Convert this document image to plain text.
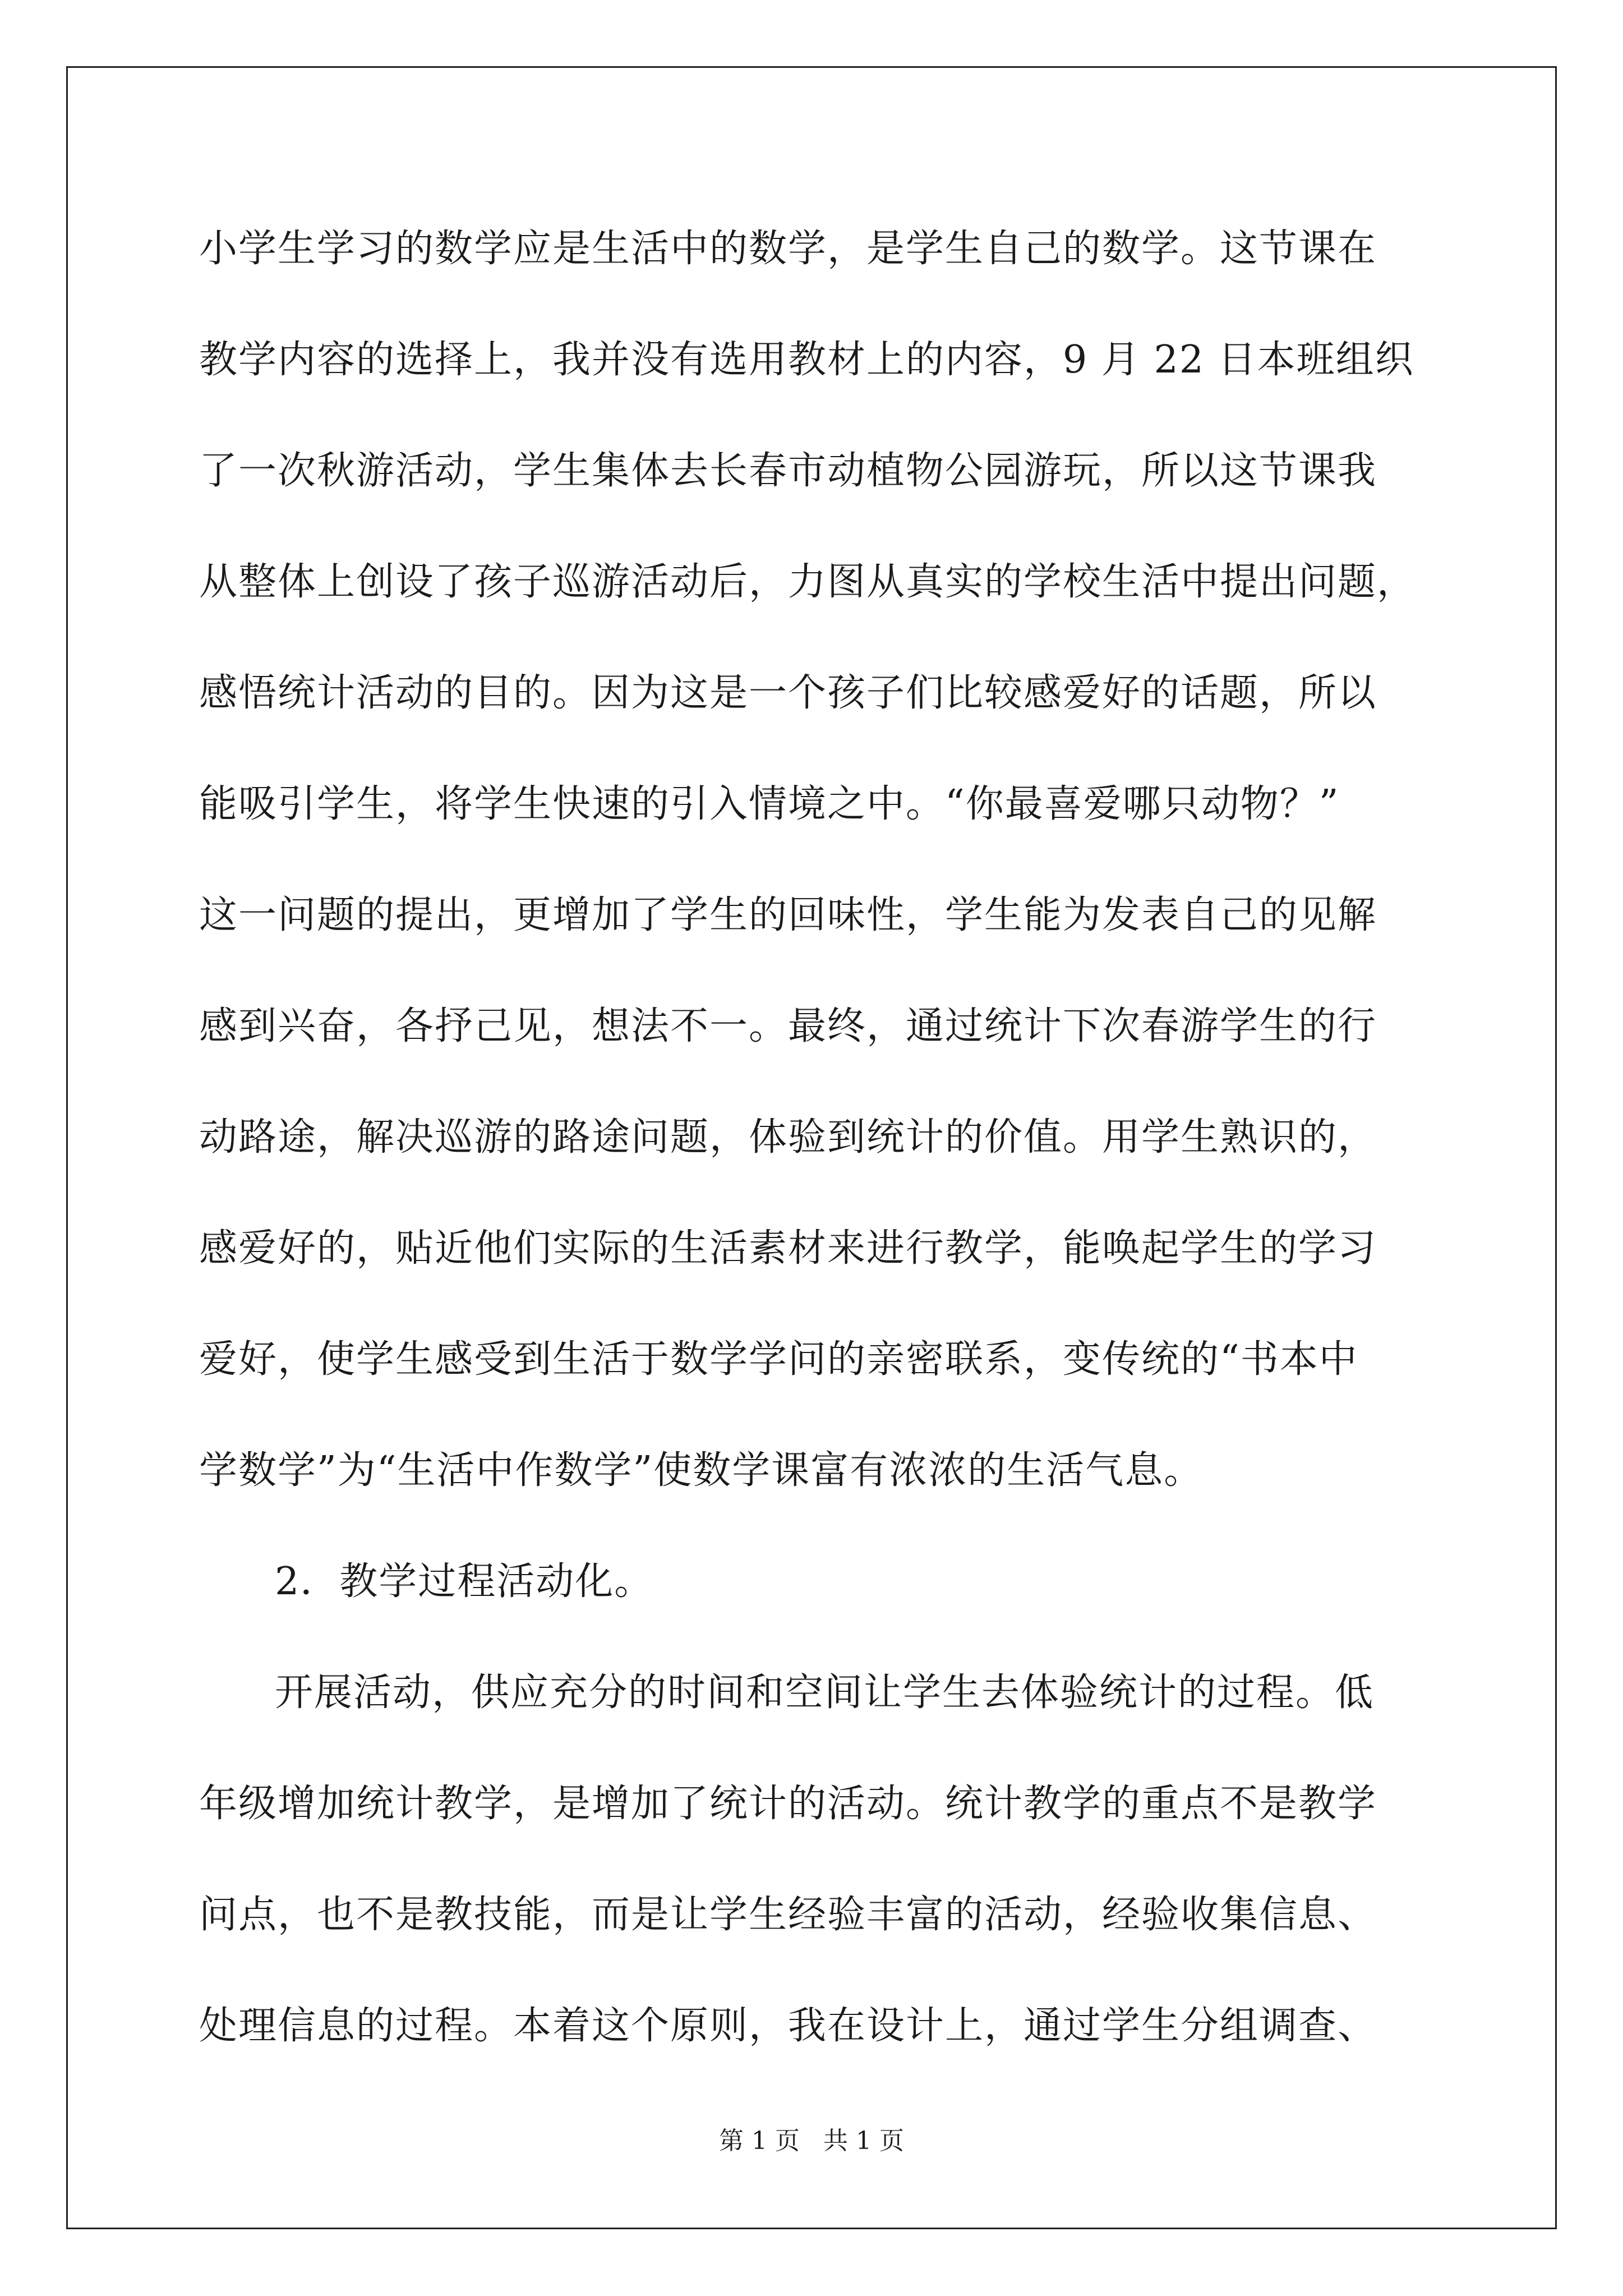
小学生学习的数学应是生活中的数学，是学生自己的数学。这节课在
教学内容的选择上，我并没有选用教材上的内容，9 月 22 日本班组织
了一次秋游活动，学生集体去长春市动植物公园游玩，所以这节课我
从整体上创设了孩子巡游活动后，力图从真实的学校生活中提出问题，
感悟统计活动的目的。因为这是一个孩子们比较感爱好的话题，所以
能吸引学生，将学生快速的引入情境之中。“你最喜爱哪只动物？”
这一问题的提出，更增加了学生的回味性，学生能为发表自己的见解
感到兴奋，各抒己见，想法不一。最终，通过统计下次春游学生的行
动路途，解决巡游的路途问题，体验到统计的价值。用学生熟识的，
感爱好的，贴近他们实际的生活素材来进行教学，能唤起学生的学习
爱好，使学生感受到生活于数学学问的亲密联系，变传统的“书本中
学数学”为“生活中作数学”使数学课富有浓浓的生活气息。
2．教学过程活动化。
开展活动，供应充分的时间和空间让学生去体验统计的过程。低
年级增加统计教学，是增加了统计的活动。统计教学的重点不是教学
问点，也不是教技能，而是让学生经验丰富的活动，经验收集信息、
处理信息的过程。本着这个原则，我在设计上，通过学生分组调查、
第 1 页   共 1 页
